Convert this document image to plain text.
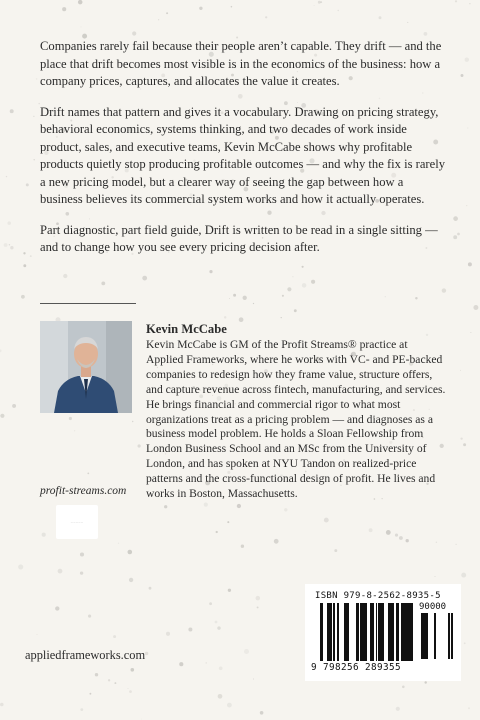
Companies rarely fail because their people aren’t capable. They drift — and the place that drift becomes most visible is in the economics of the business: how a company prices, captures, and allocates the value it creates.

Drift names that pattern and gives it a vocabulary. Drawing on pricing strategy, behavioral economics, systems thinking, and two decades of work inside product, sales, and executive teams, Kevin McCabe shows why profitable products quietly stop producing profitable outcomes — and why the fix is rarely a new pricing model, but a clearer way of seeing the gap between how a business believes its commercial system works and how it actually operates.

Part diagnostic, part field guide, Drift is written to be read in a single sitting — and to change how you see every pricing decision after.

Kevin McCabe

Kevin McCabe is GM of the Profit Streams® practice at Applied Frameworks, where he works with VC- and PE-backed companies to redesign how they frame value, structure offers, and capture revenue across fintech, manufacturing, and services. He brings financial and commercial rigor to what most organizations treat as a pricing problem — and diagnoses as a business model problem. He holds a Sloan Fellowship from London Business School and an MSc from the University of London, and has spoken at NYU Tandon on realized-price patterns and the cross-functional design of profit. He lives and works in Boston, Massachusetts.

profit-streams.com
~~~~~
appliedframeworks.com
ISBN 979-8-2562-8935-5
90000
9 798256 289355
